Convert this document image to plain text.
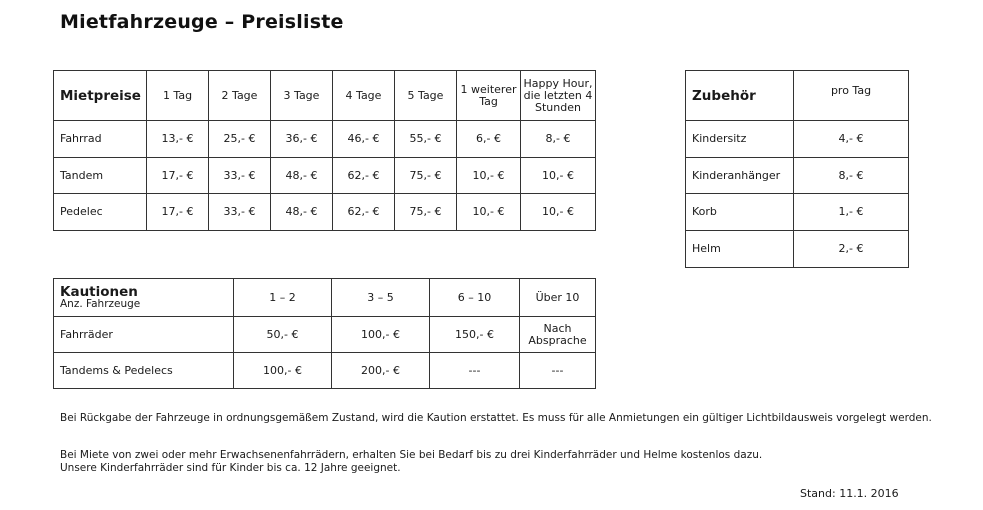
Mietfahrzeuge – Preisliste
Mietpreise	1 Tag	2 Tage	3 Tage	4 Tage	5 Tage	1 weiterer Tag	Happy Hour, die letzten 4 Stunden
Fahrrad	13,- €	25,- €	36,- €	46,- €	55,- €	6,- €	8,- €
Tandem	17,- €	33,- €	48,- €	62,- €	75,- €	10,- €	10,- €
Pedelec	17,- €	33,- €	48,- €	62,- €	75,- €	10,- €	10,- €
Zubehör	pro Tag
Kindersitz	4,- €
Kinderanhänger	8,- €
Korb	1,- €
Helm	2,- €
Kautionen
Anz. Fahrzeuge	1 – 2	3 – 5	6 – 10	Über 10
Fahrräder	50,- €	100,- €	150,- €	Nach Absprache
Tandems & Pedelecs	100,- €	200,- €	---	---
Bei Rückgabe der Fahrzeuge in ordnungsgemäßem Zustand, wird die Kaution erstattet. Es muss für alle Anmietungen ein gültiger Lichtbildausweis vorgelegt werden.
Bei Miete von zwei oder mehr Erwachsenenfahrrädern, erhalten Sie bei Bedarf bis zu drei Kinderfahrräder und Helme kostenlos dazu.
Unsere Kinderfahrräder sind für Kinder bis ca. 12 Jahre geeignet.
Stand: 11.1. 2016
